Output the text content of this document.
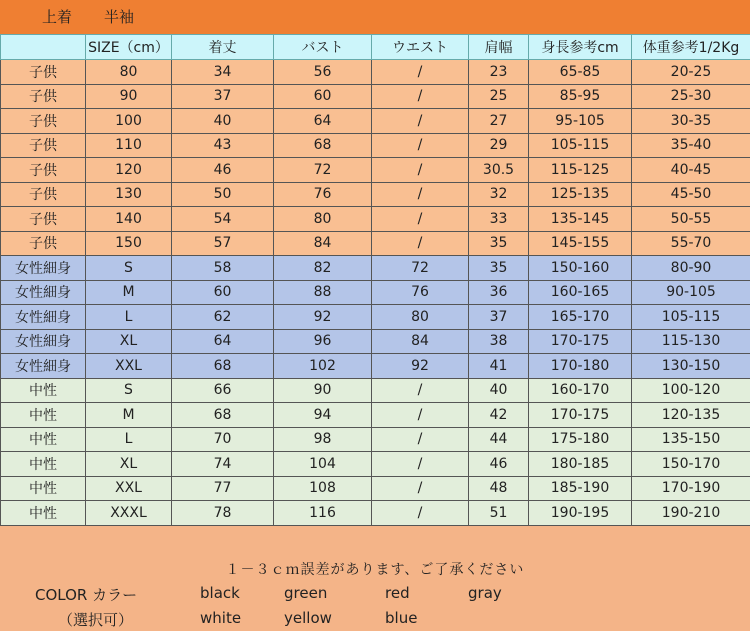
上着 半袖
	SIZE（cm）	着丈	バスト	ウエスト	肩幅	身長参考cm	体重参考1/2Kg
子供	80	34	56	/	23	65-85	20-25
子供	90	37	60	/	25	85-95	25-30
子供	100	40	64	/	27	95-105	30-35
子供	110	43	68	/	29	105-115	35-40
子供	120	46	72	/	30.5	115-125	40-45
子供	130	50	76	/	32	125-135	45-50
子供	140	54	80	/	33	135-145	50-55
子供	150	57	84	/	35	145-155	55-70
女性細身	S	58	82	72	35	150-160	80-90
女性細身	M	60	88	76	36	160-165	90-105
女性細身	L	62	92	80	37	165-170	105-115
女性細身	XL	64	96	84	38	170-175	115-130
女性細身	XXL	68	102	92	41	170-180	130-150
中性	S	66	90	/	40	160-170	100-120
中性	M	68	94	/	42	170-175	120-135
中性	L	70	98	/	44	175-180	135-150
中性	XL	74	104	/	46	180-185	150-170
中性	XXL	77	108	/	48	185-190	170-190
中性	XXXL	78	116	/	51	190-195	190-210
１－３ｃｍ誤差があります、ご了承ください
COLOR カラー
（選択可）
black	green	red	gray
white	yellow	blue
